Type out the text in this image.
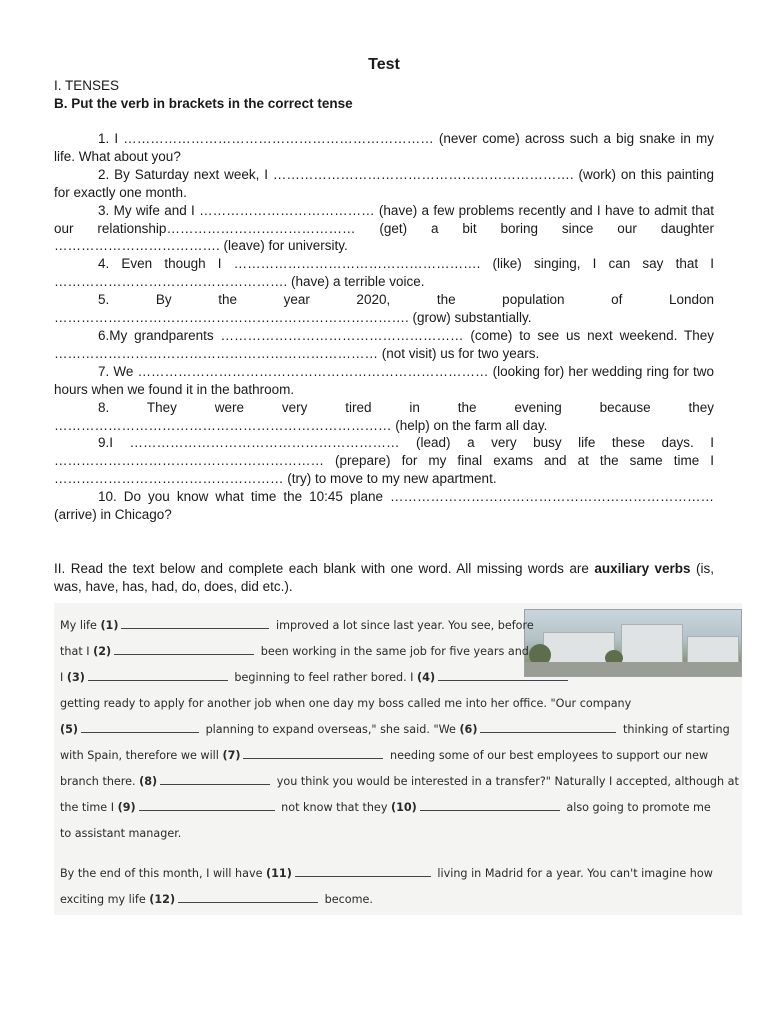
Test
I. TENSES
B. Put the verb in brackets in the correct tense
1. I …………………………………………………………… (never come) across such a big snake in my life. What about you?
2. By Saturday next week, I …………………………………………………………. (work) on this painting for exactly one month.
3. My wife and I ………………………………… (have) a few problems recently and I have to admit that our relationship…………………………………… (get) a bit boring since our daughter ………………………………. (leave) for university.
4. Even though I ………………………………………………. (like) singing, I can say that I ……………………………………………. (have) a terrible voice.
5. By the year 2020, the population of London ……………………………………………………………………. (grow) substantially.
6.My grandparents ……………………………………………… (come) to see us next weekend. They ……………………………………………………………… (not visit) us for two years.
7. We …………………………………………………………………… (looking for) her wedding ring for two hours when we found it in the bathroom.
8. They were very tired in the evening because they ………………………………………………………………… (help) on the farm all day.
9.I …………………………………………………… (lead) a very busy life these days. I …………………………………………………… (prepare) for my final exams and at the same time I …………………………………………… (try) to move to my new apartment.
10. Do you know what time the 10:45 plane ……………………………………………………………… (arrive) in Chicago?
II. Read the text below and complete each blank with one word. All missing words are auxiliary verbs (is, was, have, has, had, do, does, did etc.).
My life (1)	improved a lot since last year. You see, before
that I (2)	been working in the same job for five years and
I (3)	beginning to feel rather bored. I (4)
getting ready to apply for another job when one day my boss called me into her office. "Our company
(5)	planning to expand overseas," she said. "We (6)	thinking of starting
with Spain, therefore we will (7)	needing some of our best employees to support our new
branch there. (8)	you think you would be interested in a transfer?" Naturally I accepted, although at
the time I (9)	not know that they (10)	also going to promote me
to assistant manager.
By the end of this month, I will have (11)	living in Madrid for a year. You can't imagine how
exciting my life (12)	become.
